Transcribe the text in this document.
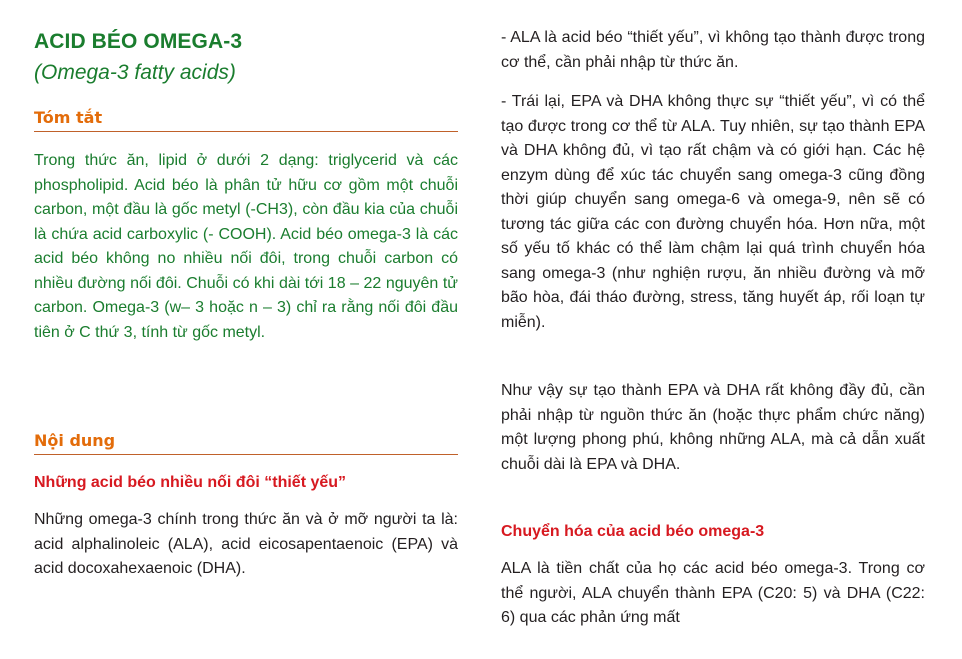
ACID BÉO OMEGA-3
(Omega-3 fatty acids)
Tóm tắt

Trong thức ăn, lipid ở dưới 2 dạng: triglycerid và các phospholipid. Acid béo là phân tử hữu cơ gồm một chuỗi carbon, một đầu là gốc metyl (-CH3), còn đầu kia của chuỗi là chứa acid carboxylic (- COOH). Acid béo omega-3 là các acid béo không no nhiều nối đôi, trong chuỗi carbon có nhiều đường nối đôi. Chuỗi có khi dài tới 18 – 22 nguyên tử carbon. Omega-3 (w– 3 hoặc n – 3) chỉ ra rằng nối đôi đầu tiên ở C thứ 3, tính từ gốc metyl.

Nội dung
Những acid béo nhiều nối đôi “thiết yếu”

Những omega-3 chính trong thức ăn và ở mỡ người ta là: acid alphalinoleic (ALA), acid eicosapentaenoic (EPA) và acid docoxahexaenoic (DHA).

- ALA là acid béo “thiết yếu”, vì không tạo thành được trong cơ thể, cần phải nhập từ thức ăn.

- Trái lại, EPA và DHA không thực sự “thiết yếu”, vì có thể tạo được trong cơ thể từ ALA. Tuy nhiên, sự tạo thành EPA và DHA không đủ, vì tạo rất chậm và có giới hạn. Các hệ enzym dùng để xúc tác chuyển sang omega-3 cũng đồng thời giúp chuyển sang omega-6 và omega-9, nên sẽ có tương tác giữa các con đường chuyển hóa. Hơn nữa, một số yếu tố khác có thể làm chậm lại quá trình chuyển hóa sang omega-3 (như nghiện rượu, ăn nhiều đường và mỡ bão hòa, đái tháo đường, stress, tăng huyết áp, rối loạn tự miễn).

Như vậy sự tạo thành EPA và DHA rất không đầy đủ, cần phải nhập từ nguồn thức ăn (hoặc thực phẩm chức năng) một lượng phong phú, không những ALA, mà cả dẫn xuất chuỗi dài là EPA và DHA.

Chuyển hóa của acid béo omega-3

ALA là tiền chất của họ các acid béo omega-3. Trong cơ thể người, ALA chuyển thành EPA (C20: 5) và DHA (C22: 6) qua các phản ứng mất
